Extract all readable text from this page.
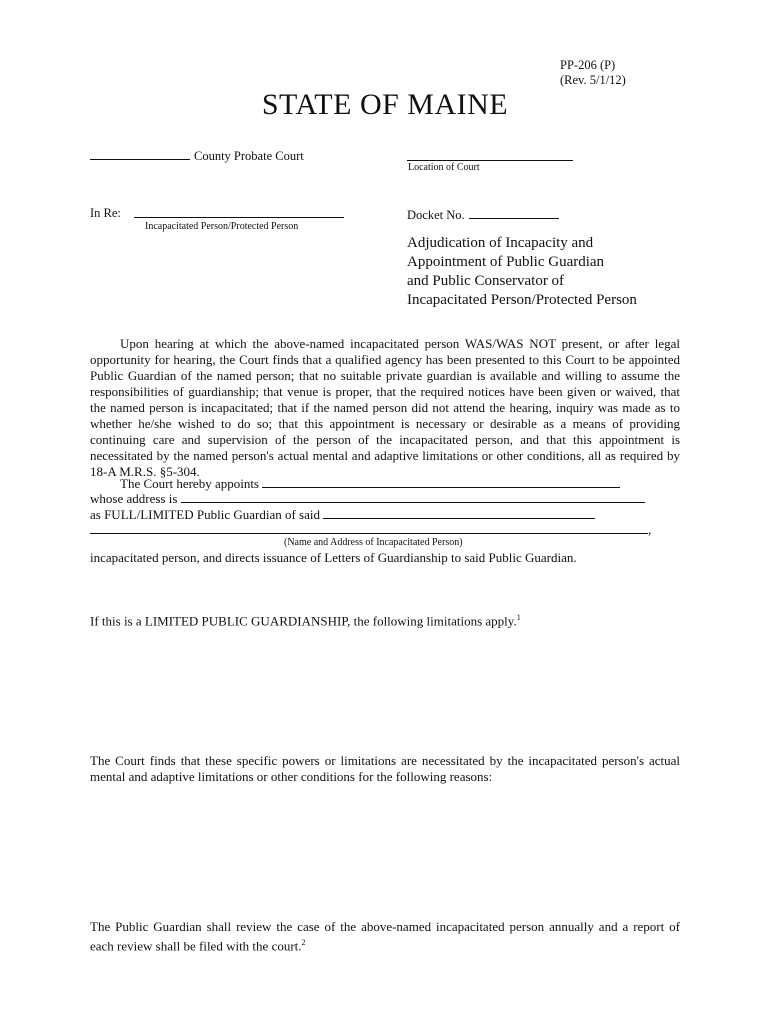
PP-206 (P)
(Rev. 5/1/12)
STATE OF MAINE
County Probate Court
Location of Court
In Re:
Incapacitated Person/Protected Person
Docket No.
Adjudication of Incapacity and
Appointment of Public Guardian
and Public Conservator of
Incapacitated Person/Protected Person

Upon hearing at which the above-named incapacitated person WAS/WAS NOT present, or after legal opportunity for hearing, the Court finds that a qualified agency has been presented to this Court to be appointed Public Guardian of the named person; that no suitable private guardian is available and willing to assume the responsibilities of guardianship; that venue is proper, that the required notices have been given or waived, that the named person is incapacitated; that if the named person did not attend the hearing, inquiry was made as to whether he/she wished to do so; that this appointment is necessary or desirable as a means of providing continuing care and supervision of the person of the incapacitated person, and that this appointment is necessitated by the named person's actual mental and adaptive limitations or other conditions, all as required by 18-A M.R.S. §5-304.

The Court hereby appoints
whose address is
as FULL/LIMITED Public Guardian of said
,
(Name and Address of Incapacitated Person)
incapacitated person, and directs issuance of Letters of Guardianship to said Public Guardian.
If this is a LIMITED PUBLIC GUARDIANSHIP, the following limitations apply.$^1$

The Court finds that these specific powers or limitations are necessitated by the incapacitated person's actual mental and adaptive limitations or other conditions for the following reasons:

The Public Guardian shall review the case of the above-named incapacitated person annually and a report of each review shall be filed with the court.$^2$
